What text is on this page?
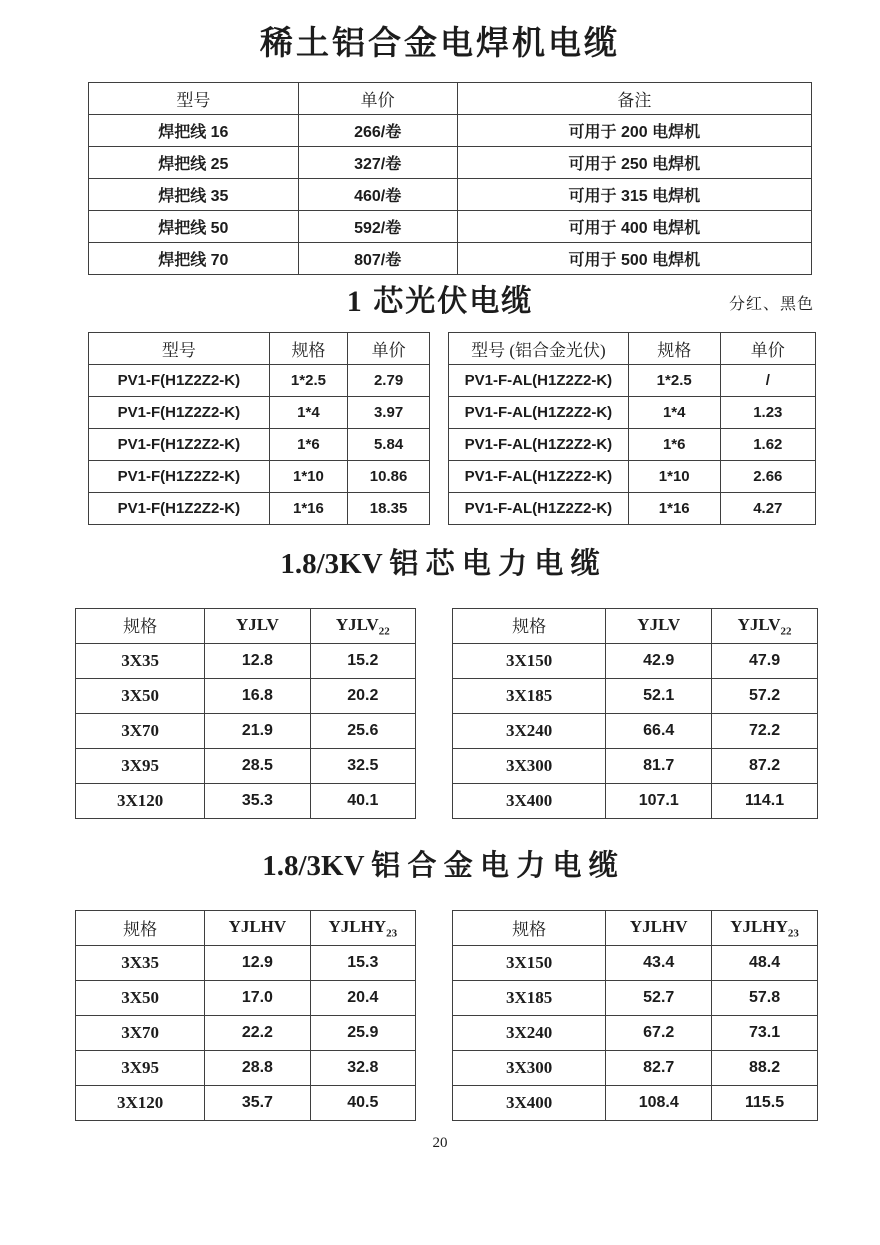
稀土铝合金电焊机电缆
型号	单价	备注
焊把线 16	266/卷	可用于 200 电焊机
焊把线 25	327/卷	可用于 250 电焊机
焊把线 35	460/卷	可用于 315 电焊机
焊把线 50	592/卷	可用于 400 电焊机
焊把线 70	807/卷	可用于 500 电焊机
1 芯光伏电缆	分红、黑色
型号	规格	单价
PV1-F(H1Z2Z2-K)	1*2.5	2.79
PV1-F(H1Z2Z2-K)	1*4	3.97
PV1-F(H1Z2Z2-K)	1*6	5.84
PV1-F(H1Z2Z2-K)	1*10	10.86
PV1-F(H1Z2Z2-K)	1*16	18.35
型号 (铝合金光伏)	规格	单价
PV1-F-AL(H1Z2Z2-K)	1*2.5	/
PV1-F-AL(H1Z2Z2-K)	1*4	1.23
PV1-F-AL(H1Z2Z2-K)	1*6	1.62
PV1-F-AL(H1Z2Z2-K)	1*10	2.66
PV1-F-AL(H1Z2Z2-K)	1*16	4.27
1.8/3KV 铝 芯 电 力 电 缆
规格	YJLV	$YJLV_{22}$
3X35	12.8	15.2
3X50	16.8	20.2
3X70	21.9	25.6
3X95	28.5	32.5
3X120	35.3	40.1
规格	YJLV	$YJLV_{22}$
3X150	42.9	47.9
3X185	52.1	57.2
3X240	66.4	72.2
3X300	81.7	87.2
3X400	107.1	114.1
1.8/3KV 铝 合 金 电 力 电 缆
规格	YJLHV	$YJLHY_{23}$
3X35	12.9	15.3
3X50	17.0	20.4
3X70	22.2	25.9
3X95	28.8	32.8
3X120	35.7	40.5
规格	YJLHV	$YJLHY_{23}$
3X150	43.4	48.4
3X185	52.7	57.8
3X240	67.2	73.1
3X300	82.7	88.2
3X400	108.4	115.5
20
